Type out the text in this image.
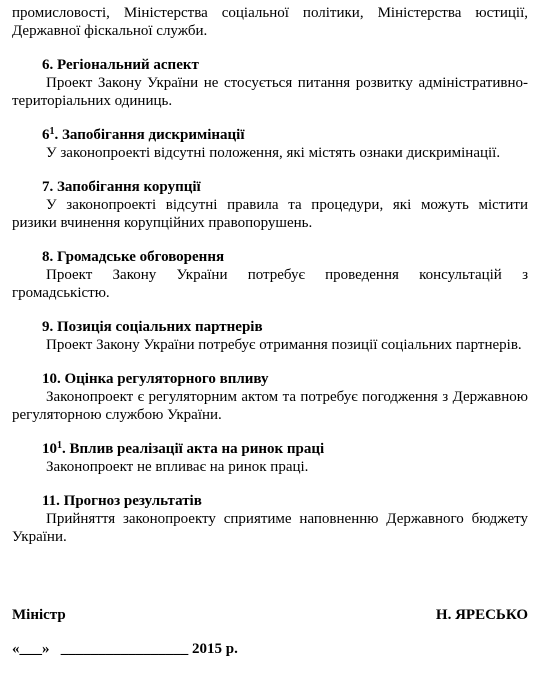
промисловості, Міністерства соціальної політики, Міністерства юстиції, Державної фіскальної служби.

6. Регіональний аспект

Проект Закону України не стосується питання розвитку адміністративно-територіальних одиниць.

$6^1$. Запобігання дискримінації

У законопроекті відсутні положення, які містять ознаки дискримінації.

7. Запобігання корупції

У законопроекті відсутні правила та процедури, які можуть містити ризики вчинення корупційних правопорушень.

8. Громадське обговорення

Проект Закону України потребує проведення консультацій з громадськістю.

9. Позиція соціальних партнерів

Проект Закону України потребує отримання позиції соціальних партнерів.

10. Оцінка регуляторного впливу

Законопроект є регуляторним актом та потребує погодження з Державною регуляторною службою України.

$10^1$. Вплив реалізації акта на ринок праці

Законопроект не впливає на ринок праці.

11. Прогноз результатів

Прийняття законопроекту сприятиме наповненню Державного бюджету України.

Міністр	Н. ЯРЕСЬКО
«___»   _________________ 2015 р.
